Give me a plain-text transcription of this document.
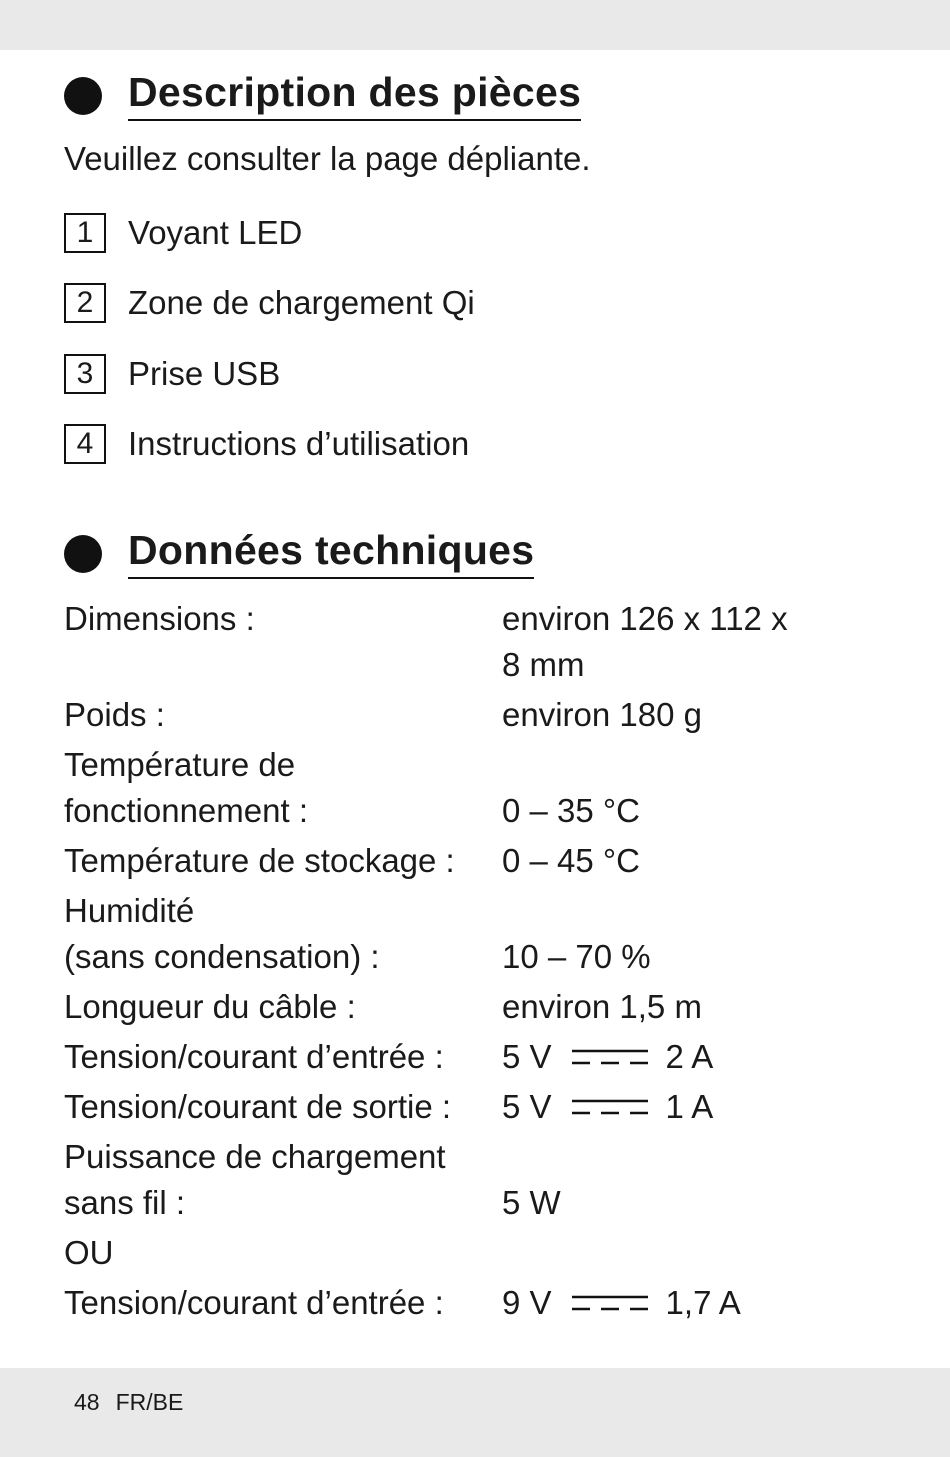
Description des pièces
Veuillez consulter la page dépliante.
1	Voyant LED
2	Zone de chargement Qi
3	Prise USB
4	Instructions d’utilisation
Données techniques
Dimensions :	environ 126 x 112 x
8 mm
Poids :	environ 180 g
Température de
fonctionnement :	0 – 35 °C
Température de stockage :	0 – 45 °C
Humidité
(sans condensation) :	10 – 70 %
Longueur du câble :	environ 1,5 m
Tension/courant d’entrée :	5 V	2 A
Tension/courant de sortie :	5 V	1 A
Puissance de chargement
sans fil :	5 W
OU
Tension/courant d’entrée :	9 V	1,7 A
48 FR/BE
